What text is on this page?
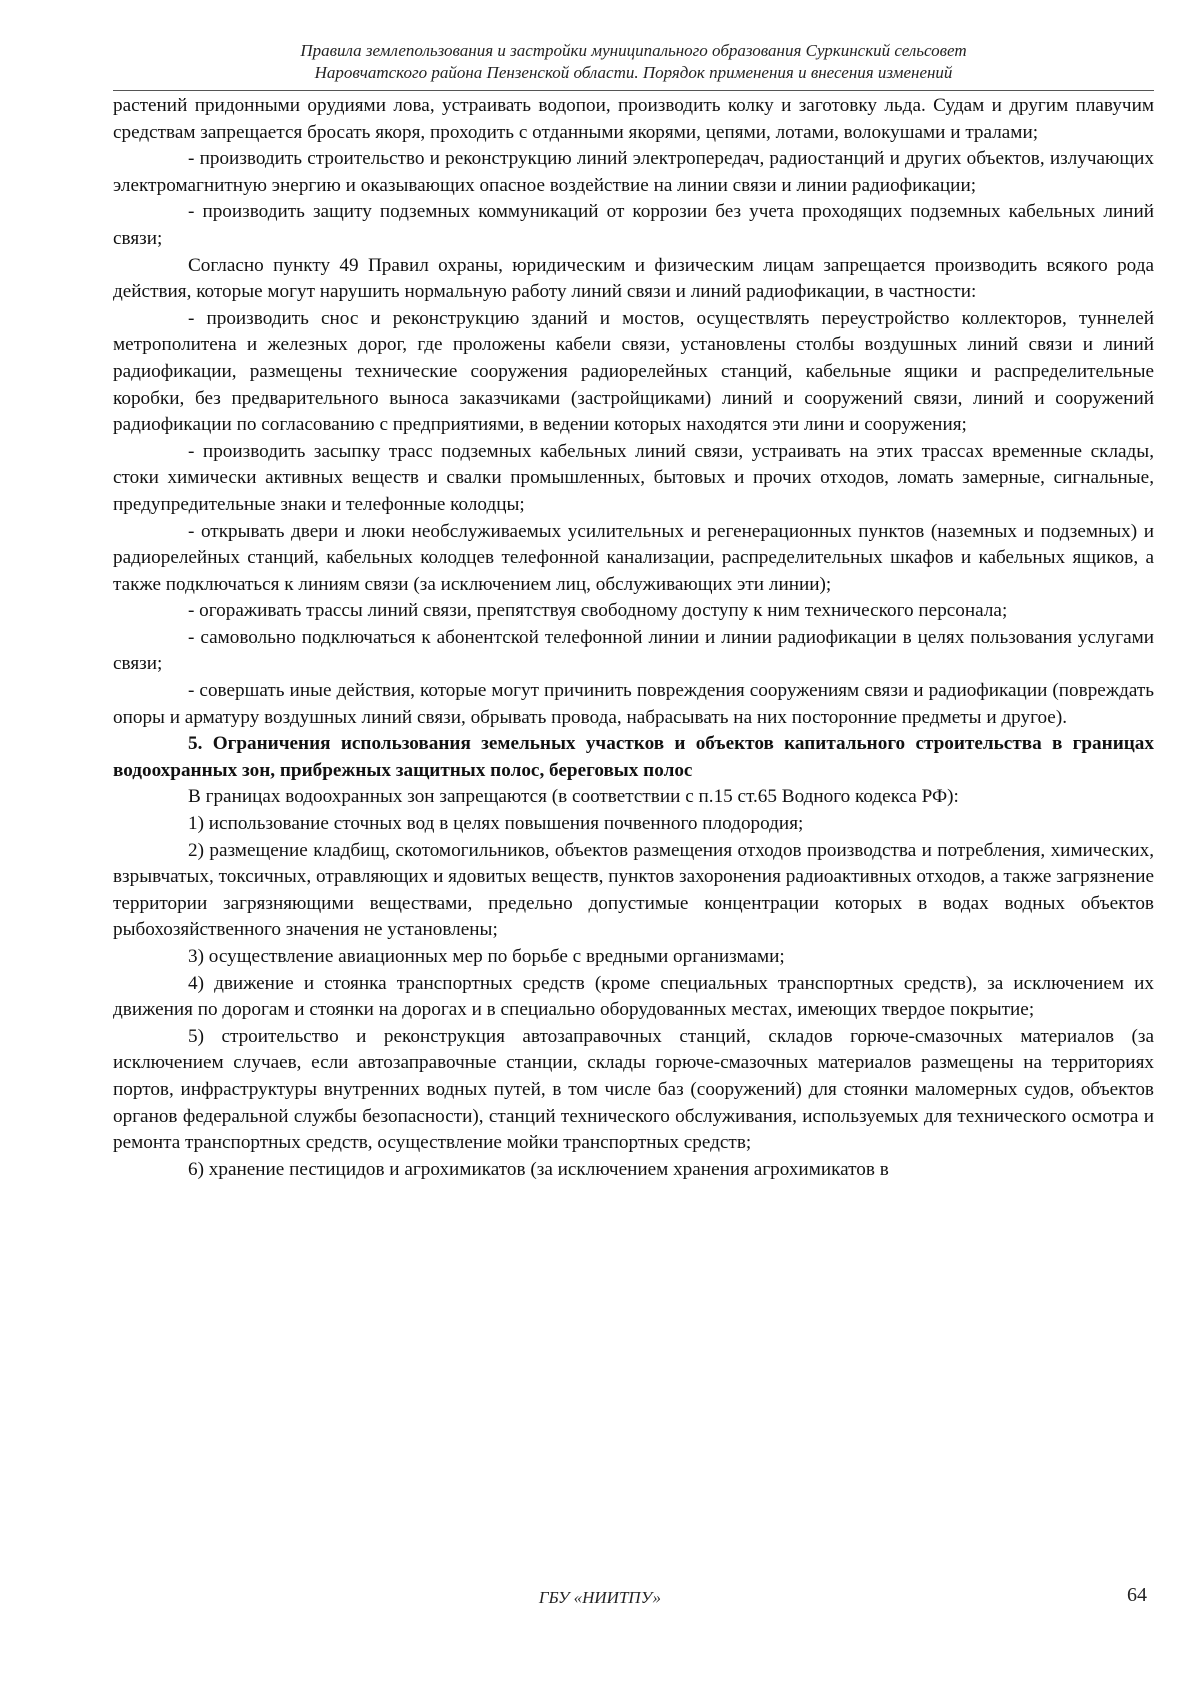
Правила землепользования и застройки муниципального образования Суркинский сельсовет
Наровчатского района Пензенской области. Порядок применения и внесения изменений

растений придонными орудиями лова, устраивать водопои, производить колку и заготовку льда. Судам и другим плавучим средствам запрещается бросать якоря, проходить с отданными якорями, цепями, лотами, волокушами и тралами;

- производить строительство и реконструкцию линий электропередач, радиостанций и других объектов, излучающих электромагнитную энергию и оказывающих опасное воздействие на линии связи и линии радиофикации;

- производить защиту подземных коммуникаций от коррозии без учета проходящих подземных кабельных линий связи;

Согласно пункту 49 Правил охраны, юридическим и физическим лицам запрещается производить всякого рода действия, которые могут нарушить нормальную работу линий связи и линий радиофикации, в частности:

- производить снос и реконструкцию зданий и мостов, осуществлять переустройство коллекторов, туннелей метрополитена и железных дорог, где проложены кабели связи, установлены столбы воздушных линий связи и линий радиофикации, размещены технические сооружения радиорелейных станций, кабельные ящики и распределительные коробки, без предварительного выноса заказчиками (застройщиками) линий и сооружений связи, линий и сооружений радиофикации по согласованию с предприятиями, в ведении которых находятся эти лини и сооружения;

- производить засыпку трасс подземных кабельных линий связи, устраивать на этих трассах временные склады, стоки химически активных веществ и свалки промышленных, бытовых и прочих отходов, ломать замерные, сигнальные, предупредительные знаки и телефонные колодцы;

- открывать двери и люки необслуживаемых усилительных и регенерационных пунктов (наземных и подземных) и радиорелейных станций, кабельных колодцев телефонной канализации, распределительных шкафов и кабельных ящиков, а также подключаться к линиям связи (за исключением лиц, обслуживающих эти линии);

- огораживать трассы линий связи, препятствуя свободному доступу к ним технического персонала;

- самовольно подключаться к абонентской телефонной линии и линии радиофикации в целях пользования услугами связи;

- совершать иные действия, которые могут причинить повреждения сооружениям связи и радиофикации (повреждать опоры и арматуру воздушных линий связи, обрывать провода, набрасывать на них посторонние предметы и другое).

5. Ограничения использования земельных участков и объектов капитального строительства в границах водоохранных зон, прибрежных защитных полос, береговых полос

В границах водоохранных зон запрещаются (в соответствии с п.15 ст.65 Водного кодекса РФ):

1) использование сточных вод в целях повышения почвенного плодородия;

2) размещение кладбищ, скотомогильников, объектов размещения отходов производства и потребления, химических, взрывчатых, токсичных, отравляющих и ядовитых веществ, пунктов захоронения радиоактивных отходов, а также загрязнение территории загрязняющими веществами, предельно допустимые концентрации которых в водах водных объектов рыбохозяйственного значения не установлены;

3) осуществление авиационных мер по борьбе с вредными организмами;

4) движение и стоянка транспортных средств (кроме специальных транспортных средств), за исключением их движения по дорогам и стоянки на дорогах и в специально оборудованных местах, имеющих твердое покрытие;

5) строительство и реконструкция автозаправочных станций, складов горюче-смазочных материалов (за исключением случаев, если автозаправочные станции, склады горюче-смазочных материалов размещены на территориях портов, инфраструктуры внутренних водных путей, в том числе баз (сооружений) для стоянки маломерных судов, объектов органов федеральной службы безопасности), станций технического обслуживания, используемых для технического осмотра и ремонта транспортных средств, осуществление мойки транспортных средств;

6) хранение пестицидов и агрохимикатов (за исключением хранения агрохимикатов в

ГБУ «НИИТПУ»	64
